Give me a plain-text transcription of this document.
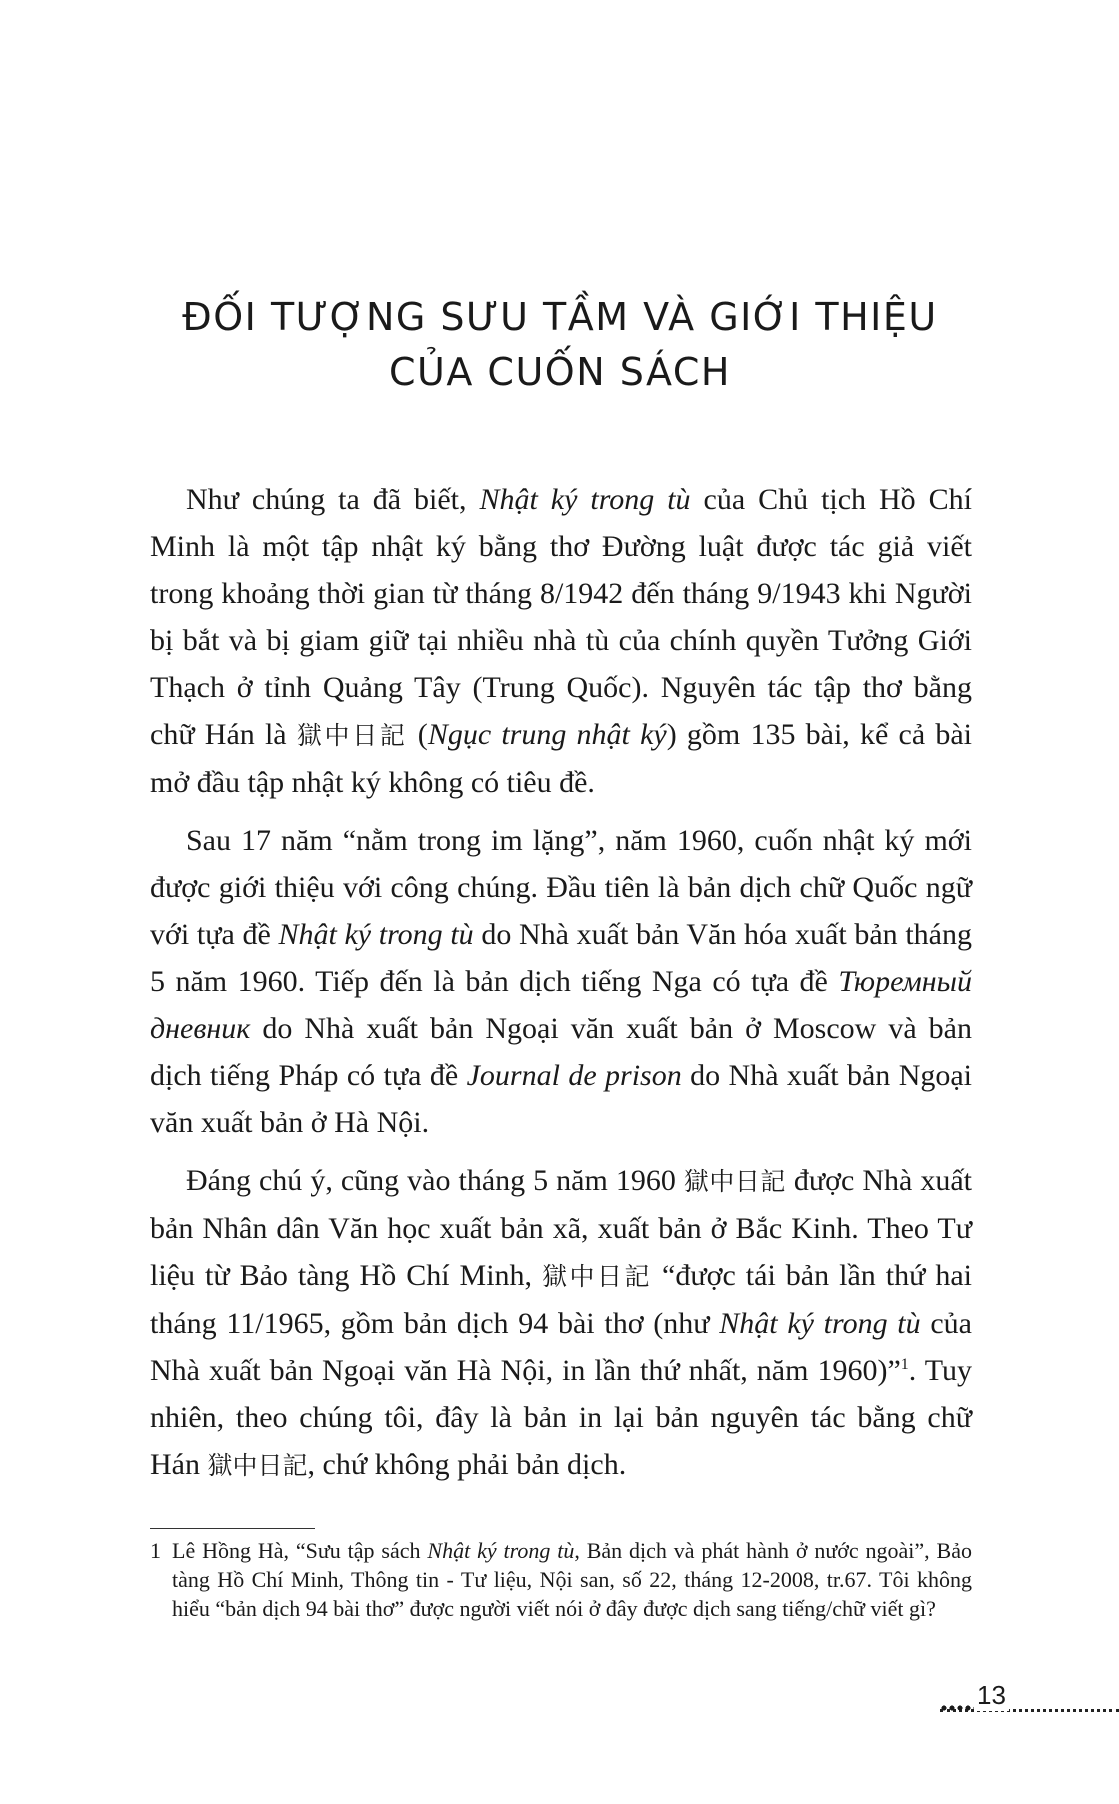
ĐỐI TƯỢNG SƯU TẦM VÀ GIỚI THIỆU
CỦA CUỐN SÁCH

Như chúng ta đã biết, Nhật ký trong tù của Chủ tịch Hồ Chí Minh là một tập nhật ký bằng thơ Đường luật được tác giả viết trong khoảng thời gian từ tháng 8/1942 đến tháng 9/1943 khi Người bị bắt và bị giam giữ tại nhiều nhà tù của chính quyền Tưởng Giới Thạch ở tỉnh Quảng Tây (Trung Quốc). Nguyên tác tập thơ bằng chữ Hán là 獄中日記 (Ngục trung nhật ký) gồm 135 bài, kể cả bài mở đầu tập nhật ký không có tiêu đề.

Sau 17 năm “nằm trong im lặng”, năm 1960, cuốn nhật ký mới được giới thiệu với công chúng. Đầu tiên là bản dịch chữ Quốc ngữ với tựa đề Nhật ký trong tù do Nhà xuất bản Văn hóa xuất bản tháng 5 năm 1960. Tiếp đến là bản dịch tiếng Nga có tựa đề Тюремный дневник do Nhà xuất bản Ngoại văn xuất bản ở Moscow và bản dịch tiếng Pháp có tựa đề Journal de prison do Nhà xuất bản Ngoại văn xuất bản ở Hà Nội.

Đáng chú ý, cũng vào tháng 5 năm 1960 獄中日記 được Nhà xuất bản Nhân dân Văn học xuất bản xã, xuất bản ở Bắc Kinh. Theo Tư liệu từ Bảo tàng Hồ Chí Minh, 獄中日記 “được tái bản lần thứ hai tháng 11/1965, gồm bản dịch 94 bài thơ (như Nhật ký trong tù của Nhà xuất bản Ngoại văn Hà Nội, in lần thứ nhất, năm 1960)”$^1$. Tuy nhiên, theo chúng tôi, đây là bản in lại bản nguyên tác bằng chữ Hán 獄中日記, chứ không phải bản dịch.

1 Lê Hồng Hà, “Sưu tập sách Nhật ký trong tù, Bản dịch và phát hành ở nước ngoài”, Bảo tàng Hồ Chí Minh, Thông tin - Tư liệu, Nội san, số 22, tháng 12-2008, tr.67. Tôi không hiểu “bản dịch 94 bài thơ” được người viết nói ở đây được dịch sang tiếng/chữ viết gì?
13
